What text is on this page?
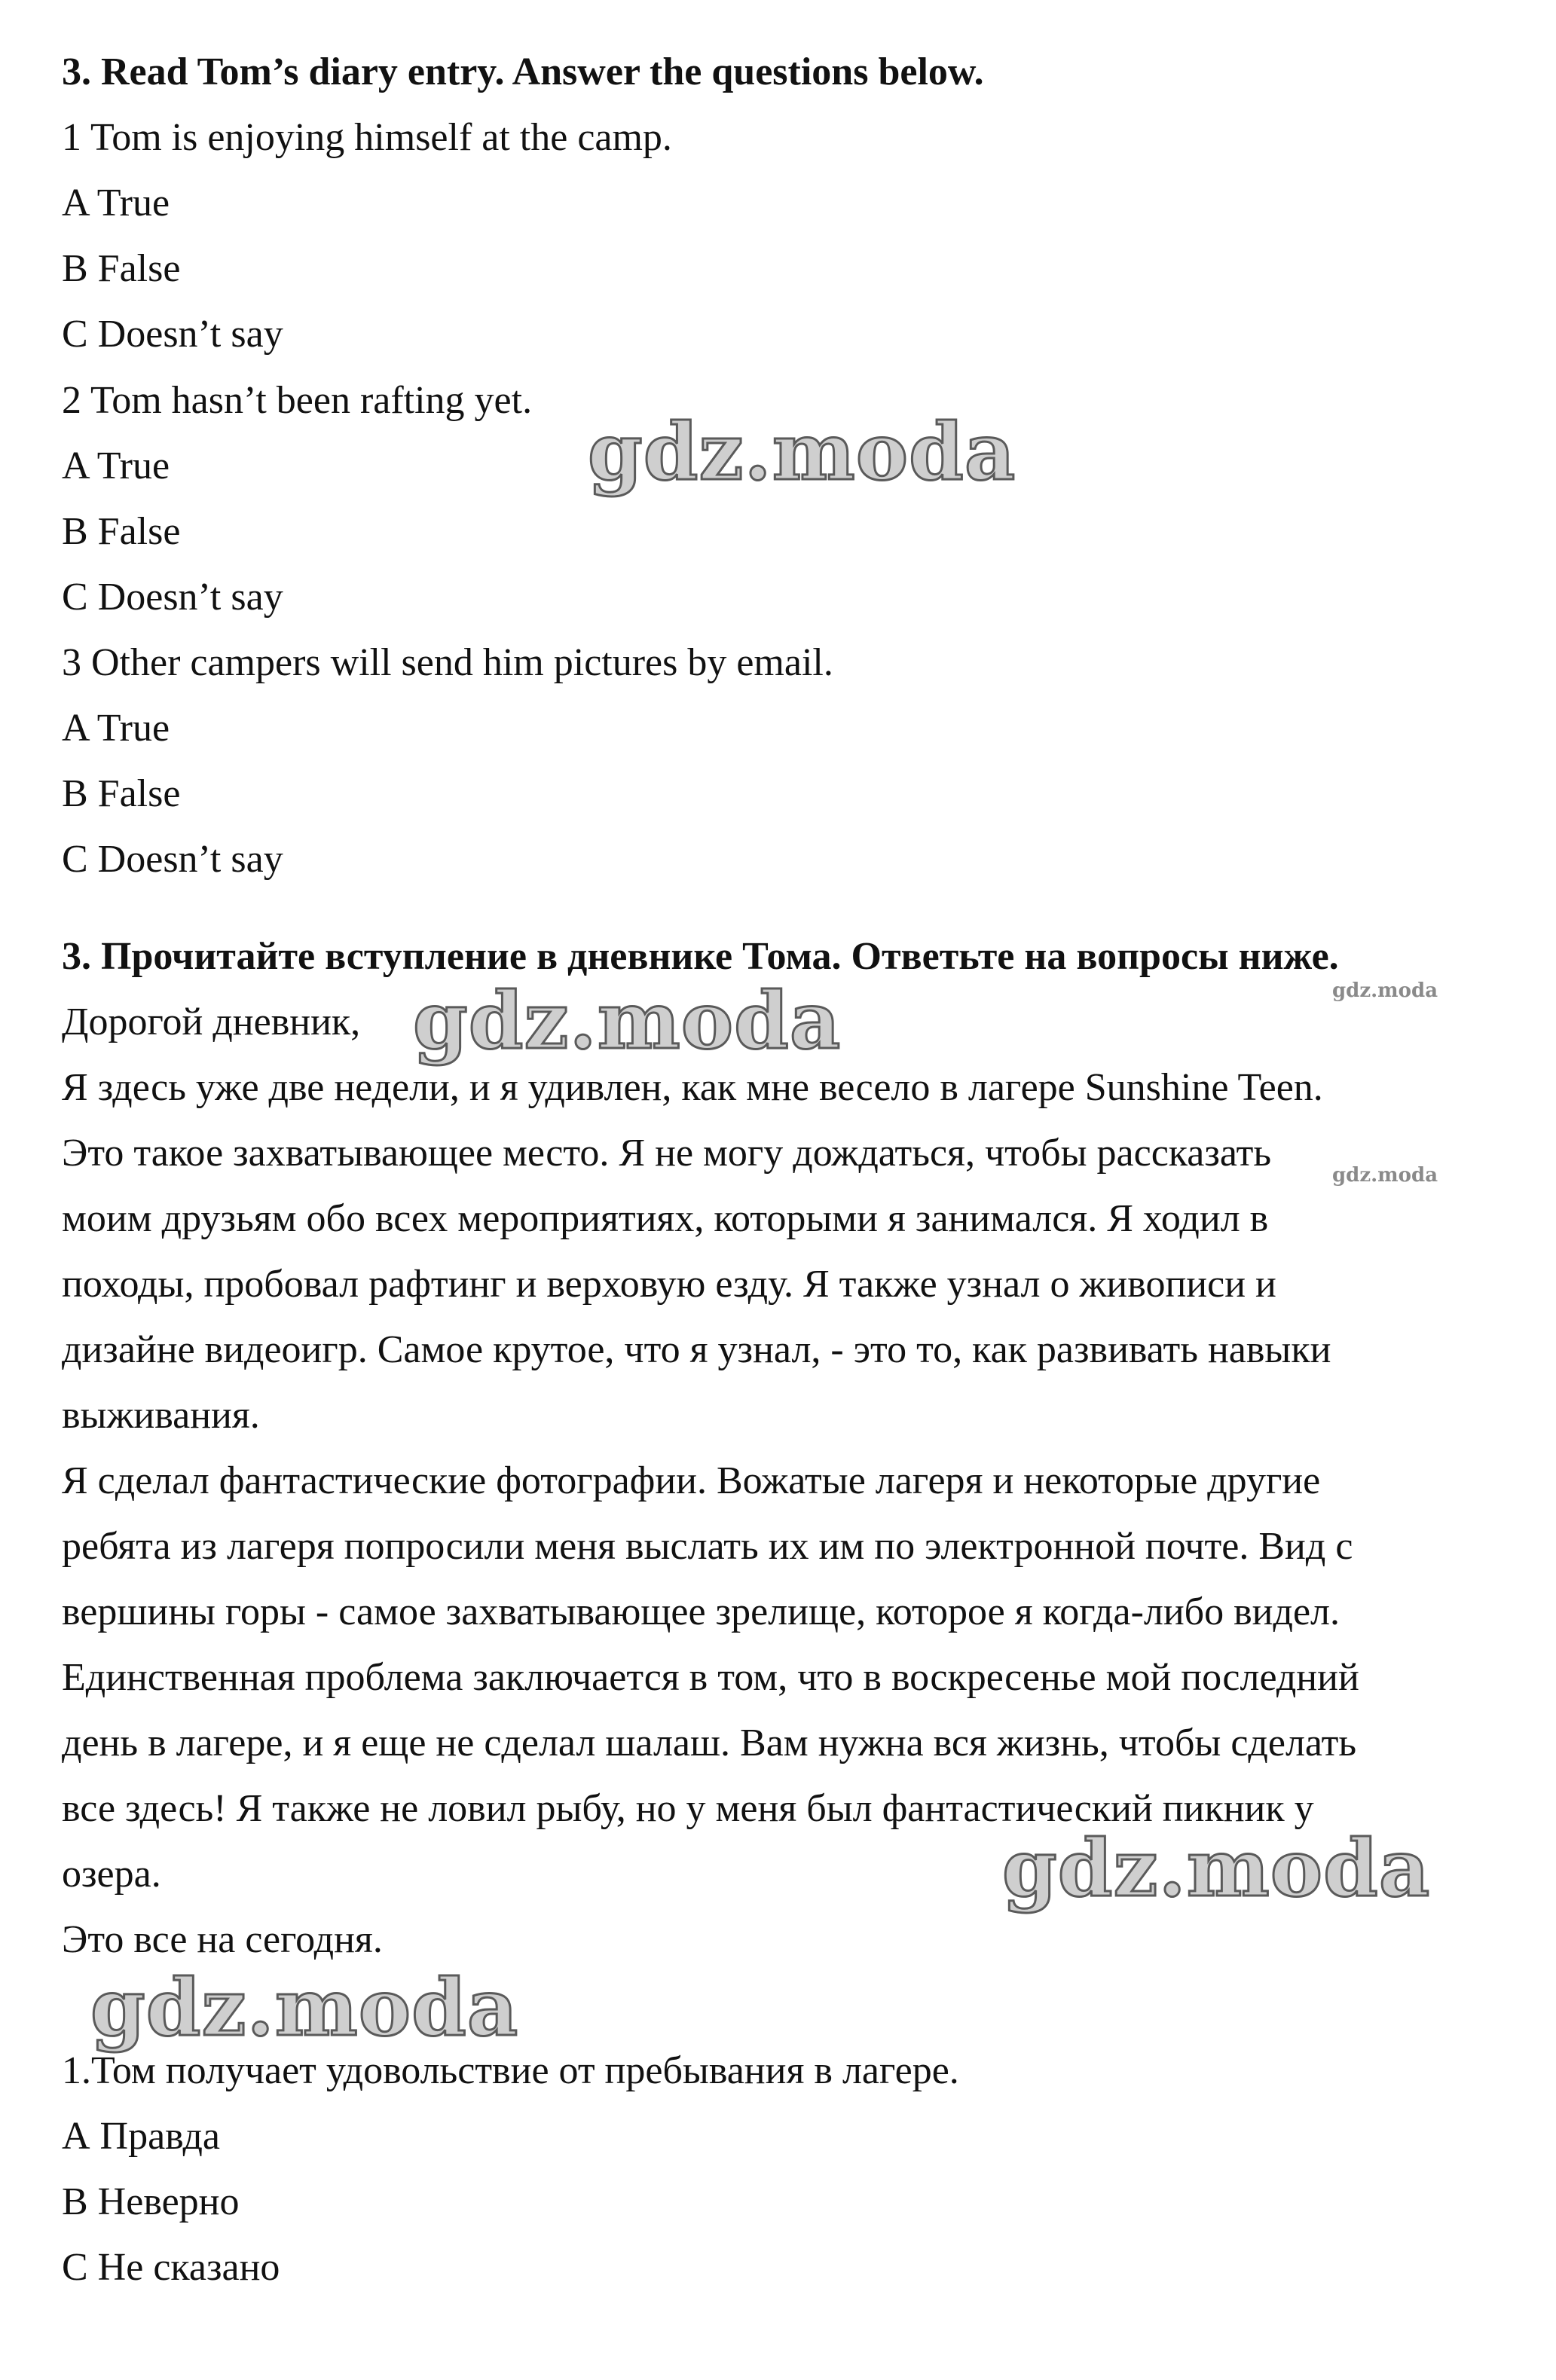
3. Read Tom’s diary entry. Answer the questions below.
1 Tom is enjoying himself at the camp.
A True
B False
C Doesn’t say
2 Tom hasn’t been rafting yet.
A True
B False
C Doesn’t say
3 Other campers will send him pictures by email.
A True
B False
C Doesn’t say
3. Прочитайте вступление в дневнике Тома. Ответьте на вопросы ниже.
Дорогой дневник,
Я здесь уже две недели, и я удивлен, как мне весело в лагере Sunshine Teen.
Это такое захватывающее место. Я не могу дождаться, чтобы рассказать
моим друзьям обо всех мероприятиях, которыми я занимался. Я ходил в
походы, пробовал рафтинг и верховую езду. Я также узнал о живописи и
дизайне видеоигр. Самое крутое, что я узнал, - это то, как развивать навыки
выживания.
Я сделал фантастические фотографии. Вожатые лагеря и некоторые другие
ребята из лагеря попросили меня выслать их им по электронной почте. Вид с
вершины горы - самое захватывающее зрелище, которое я когда-либо видел.
Единственная проблема заключается в том, что в воскресенье мой последний
день в лагере, и я еще не сделал шалаш. Вам нужна вся жизнь, чтобы сделать
все здесь! Я также не ловил рыбу, но у меня был фантастический пикник у
озера.
Это все на сегодня.
1.Том получает удовольствие от пребывания в лагере.
А Правда
В Неверно
С Не сказано
gdz.moda
gdz.moda
gdz.moda
gdz.moda
gdz.moda
gdz.moda
